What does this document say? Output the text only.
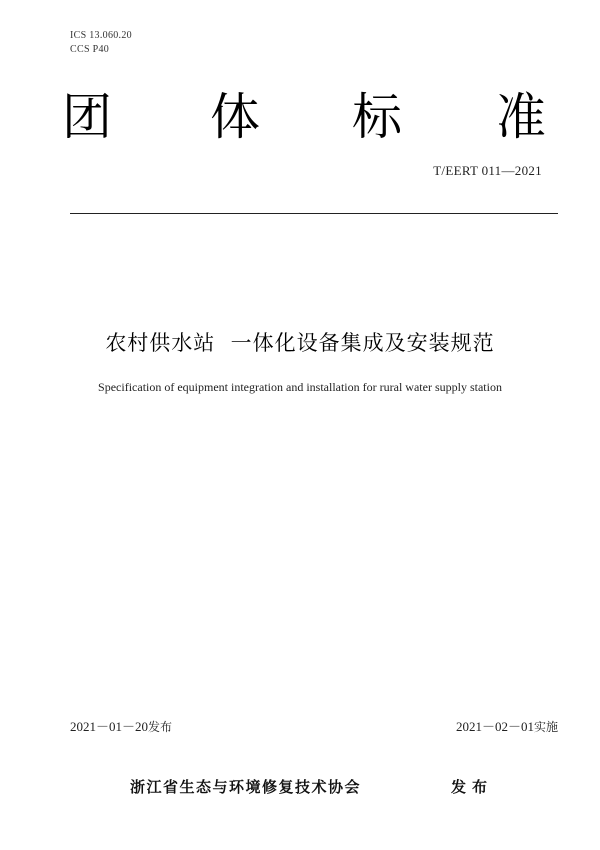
ICS 13.060.20
CCS P40
团 体 标 准
T/EERT 011—2021
农村供水站  一体化设备集成及安装规范
Specification of equipment integration and installation for rural water supply station
2021－01－20发布	2021－02－01实施
浙江省生态与环境修复技术协会	发布
